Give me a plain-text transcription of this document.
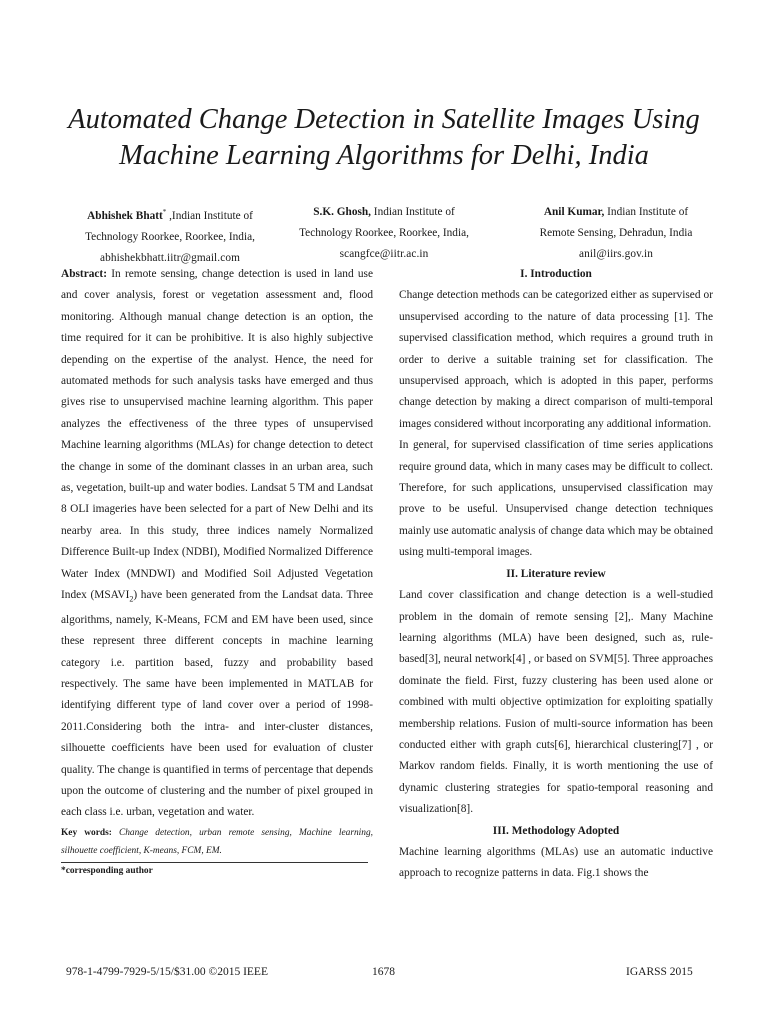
Automated Change Detection in Satellite Images Using
Machine Learning Algorithms for Delhi, India
Abhishek Bhatt* ,Indian Institute of
Technology Roorkee, Roorkee, India,
abhishekbhatt.iitr@gmail.com
S.K. Ghosh, Indian Institute of
Technology Roorkee, Roorkee, India,
scangfce@iitr.ac.in
Anil Kumar, Indian Institute of
Remote Sensing, Dehradun, India
anil@iirs.gov.in

Abstract: In remote sensing, change detection is used in land use and cover analysis, forest or vegetation assessment and, flood monitoring. Although manual change detection is an option, the time required for it can be prohibitive. It is also highly subjective depending on the expertise of the analyst. Hence, the need for automated methods for such analysis tasks have emerged and thus gives rise to unsupervised machine learning algorithm. This paper analyzes the effectiveness of the three types of unsupervised Machine learning algorithms (MLAs) for change detection to detect the change in some of the dominant classes in an urban area, such as, vegetation, built-up and water bodies. Landsat 5 TM and Landsat 8 OLI imageries have been selected for a part of New Delhi and its nearby area. In this study, three indices namely Normalized Difference Built-up Index (NDBI), Modified Normalized Difference Water Index (MNDWI) and Modified Soil Adjusted Vegetation Index $(MSAVI_2)$ have been generated from the Landsat data. Three algorithms, namely, K-Means, FCM and EM have been used, since these represent three different concepts in machine learning category i.e. partition based, fuzzy and probability based respectively. The same have been implemented in MATLAB for identifying different type of land cover over a period of 1998-2011.Considering both the intra- and inter-cluster distances, silhouette coefficients have been used for evaluation of cluster quality. The change is quantified in terms of percentage that depends upon the outcome of clustering and the number of pixel grouped in each class i.e. urban, vegetation and water.

Key words: Change detection, urban remote sensing, Machine learning, silhouette coefficient, K-means, FCM, EM.

*corresponding author

I. Introduction

Change detection methods can be categorized either as supervised or unsupervised according to the nature of data processing [1]. The supervised classification method, which requires a ground truth in order to derive a suitable training set for classification. The unsupervised approach, which is adopted in this paper, performs change detection by making a direct comparison of multi-temporal images considered without incorporating any additional information.

In general, for supervised classification of time series applications require ground data, which in many cases may be difficult to collect. Therefore, for such applications, unsupervised classification may prove to be useful. Unsupervised change detection techniques mainly use automatic analysis of change data which may be obtained using multi-temporal images.

II. Literature review

Land cover classification and change detection is a well-studied problem in the domain of remote sensing [2],. Many Machine learning algorithms (MLA) have been designed, such as, rule-based[3], neural network[4] , or based on SVM[5]. Three approaches dominate the field. First, fuzzy clustering has been used alone or combined with multi objective optimization for exploiting spatially membership relations. Fusion of multi-source information has been conducted either with graph cuts[6], hierarchical clustering[7] , or Markov random fields. Finally, it is worth mentioning the use of dynamic clustering strategies for spatio-temporal reasoning and visualization[8].

III. Methodology Adopted

Machine learning algorithms (MLAs) use an automatic inductive approach to recognize patterns in data. Fig.1 shows the

978-1-4799-7929-5/15/$31.00 ©2015 IEEE	1678	IGARSS 2015
